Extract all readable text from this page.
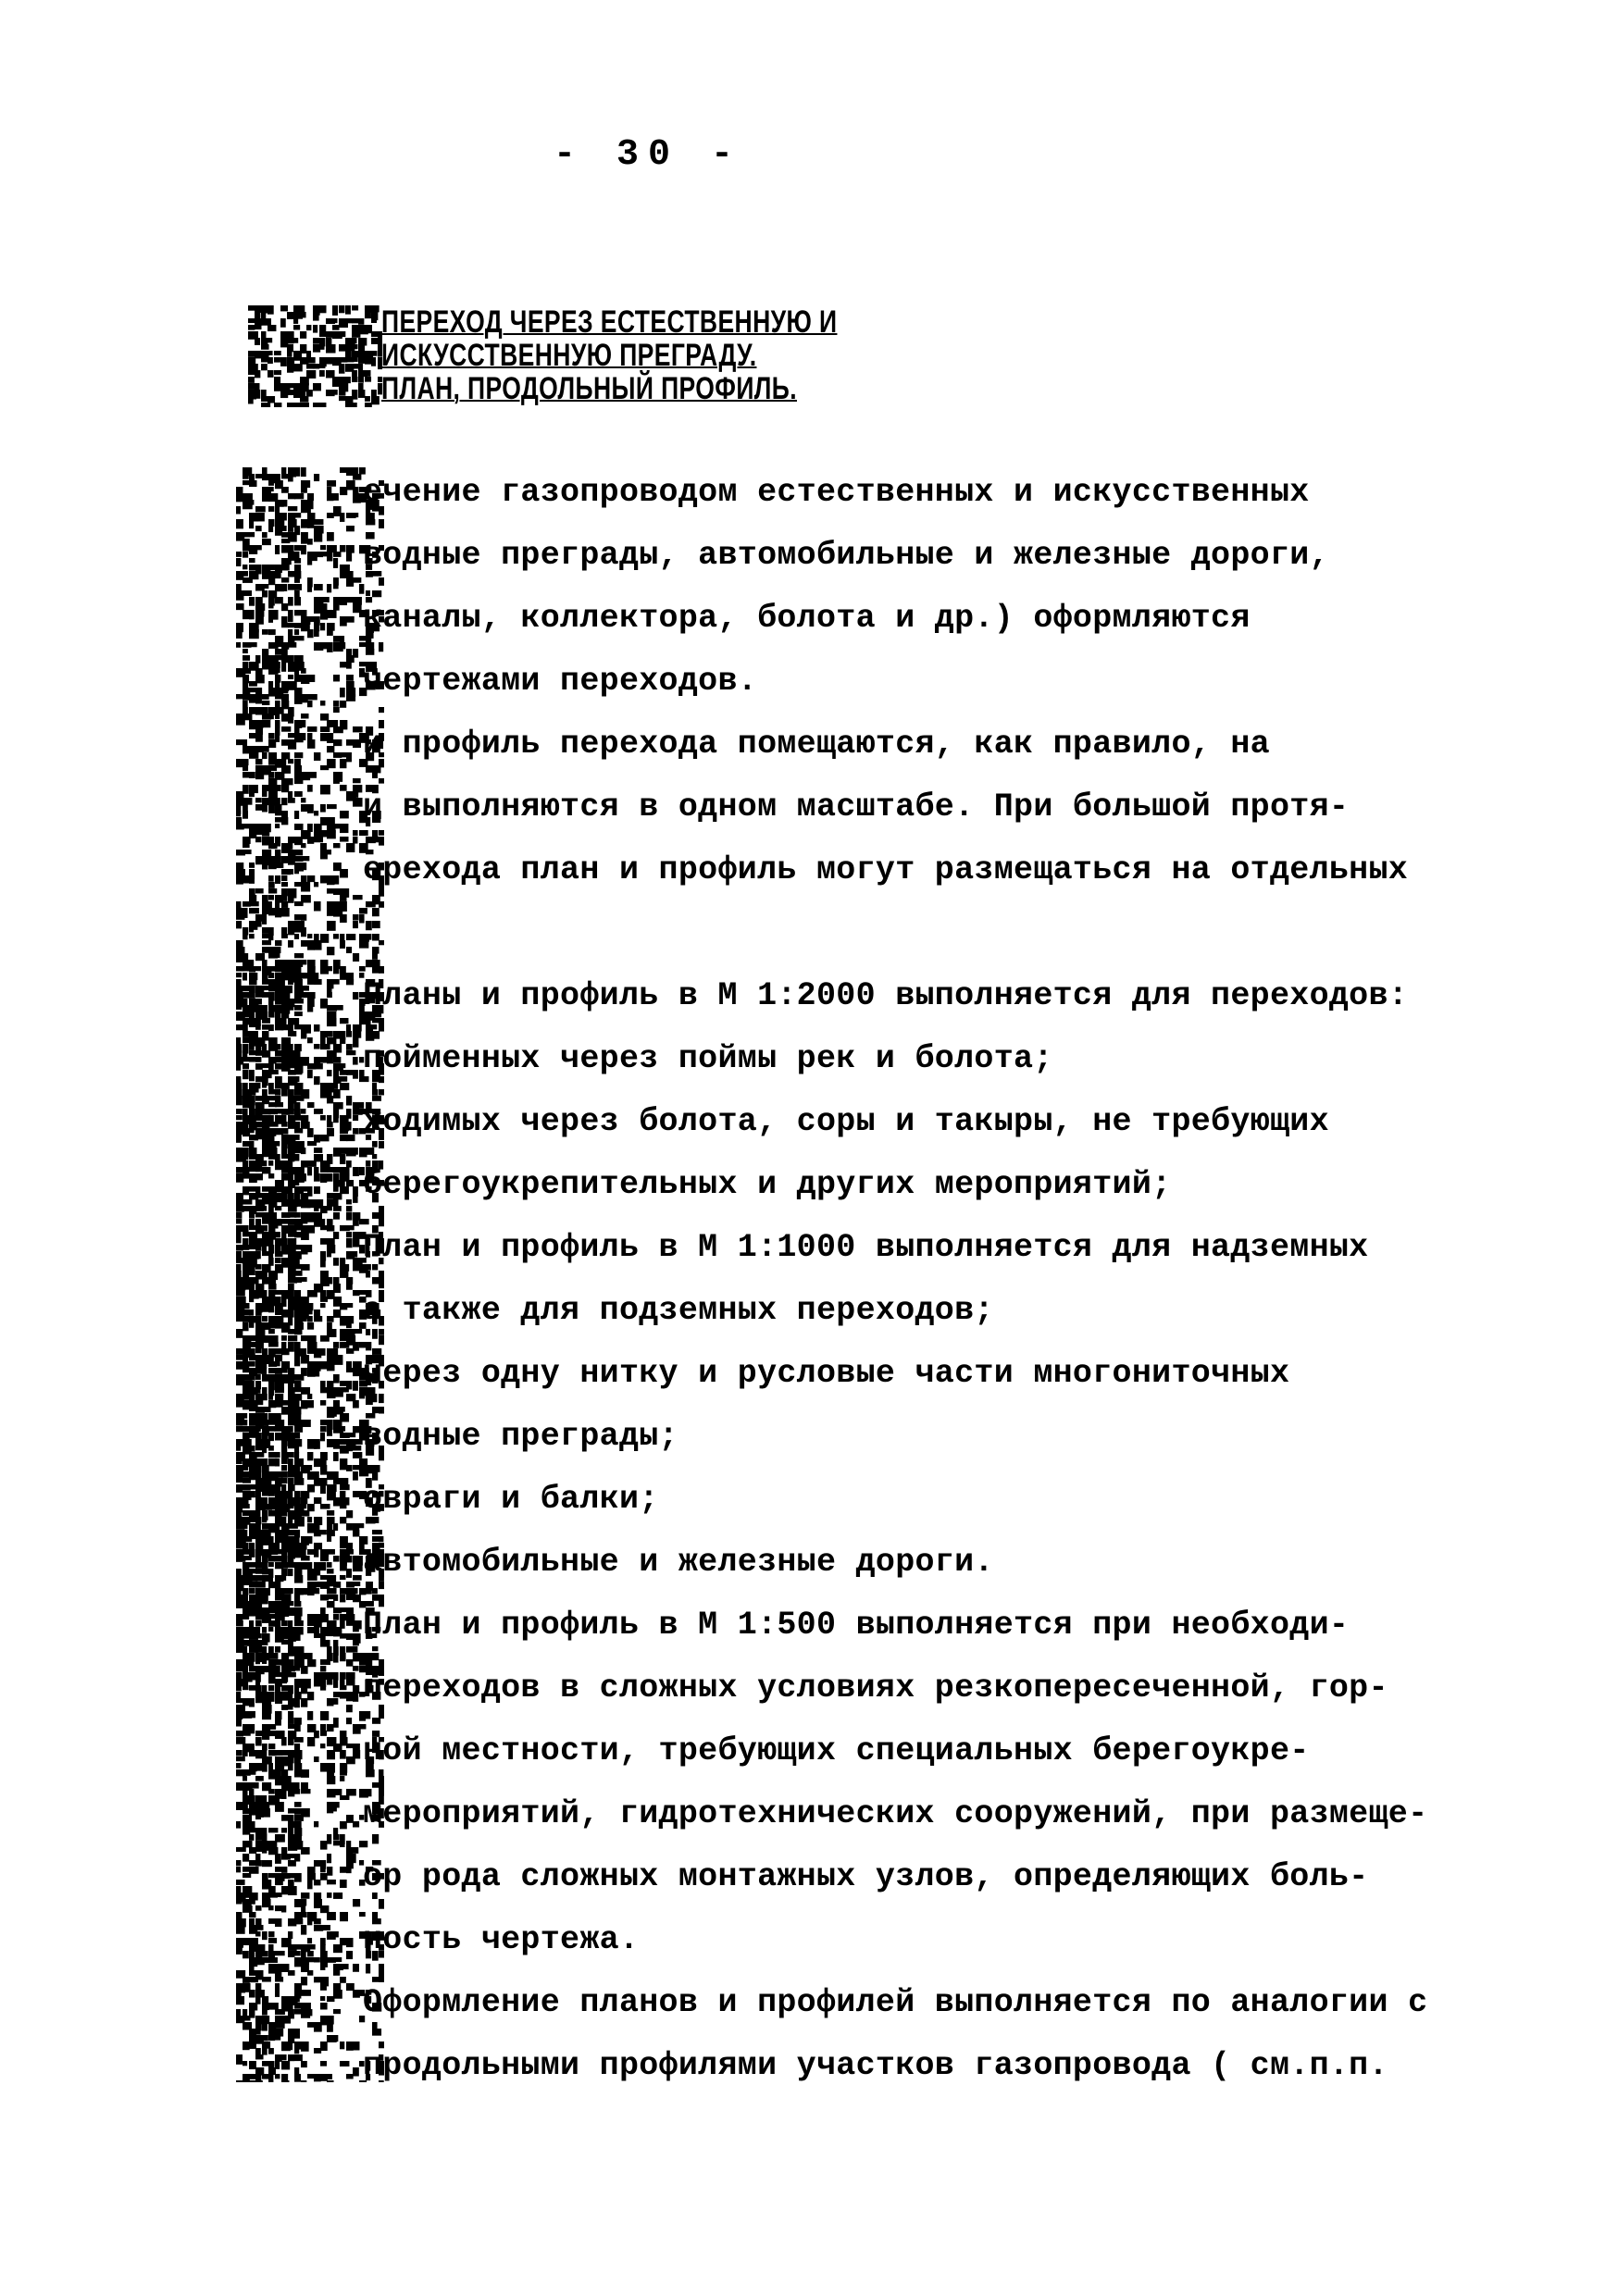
- 30 -
ПЕРЕХОД ЧЕРЕЗ ЕСТЕСТВЕННУЮ И
ИСКУССТВЕННУЮ ПРЕГРАДУ.
ПЛАН, ПРОДОЛЬНЫЙ ПРОФИЛЬ.
ечение газопроводом естественных и искусственных
водные преграды, автомобильные и железные дороги,
каналы, коллектора, болота и др.) оформляются
чертежами переходов.
и профиль перехода помещаются, как правило, на
и выполняются в одном масштабе. При большой протя-
ерехода план и профиль могут размещаться на отдельных
Планы и профиль в М 1:2000 выполняется для переходов:
пойменных через поймы рек и болота;
ходимых через болота, соры и такыры, не требующих
берегоукрепительных и других мероприятий;
План и профиль в М 1:1000 выполняется для надземных
а также для подземных переходов;
через одну нитку и русловые части многониточных
водные преграды;
овраги и балки;
автомобильные и железные дороги.
План и профиль в М 1:500 выполняется при необходи-
переходов в сложных условиях резкопересеченной, гор-
ной местности, требующих специальных берегоукре-
мероприятий, гидротехнических сооружений, при размеще-
ор рода сложных монтажных узлов, определяющих боль-
ность чертежа.
Оформление планов и профилей выполняется по аналогии с
продольными профилями участков газопровода ( см.п.п.
